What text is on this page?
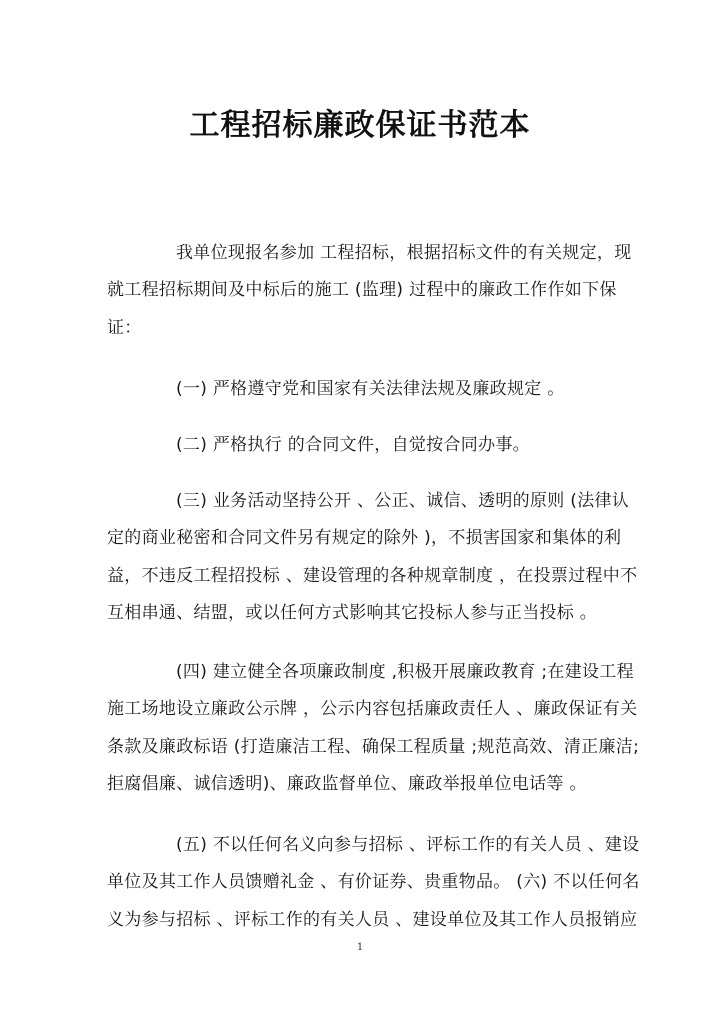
工程招标廉政保证书范本
我单位现报名参加 工程招标，根据招标文件的有关规定，现
就工程招标期间及中标后的施工 (监理) 过程中的廉政工作作如下保
证：
(一) 严格遵守党和国家有关法律法规及廉政规定 。
(二) 严格执行 的合同文件，自觉按合同办事。
(三) 业务活动坚持公开 、公正、诚信、透明的原则 (法律认
定的商业秘密和合同文件另有规定的除外 )，不损害国家和集体的利
益，不违反工程招投标 、建设管理的各种规章制度 ，在投票过程中不
互相串通、结盟，或以任何方式影响其它投标人参与正当投标 。
(四) 建立健全各项廉政制度 ,积极开展廉政教育 ;在建设工程
施工场地设立廉政公示牌 ，公示内容包括廉政责任人 、廉政保证有关
条款及廉政标语 (打造廉洁工程、确保工程质量 ;规范高效、清正廉洁;
拒腐倡廉、诚信透明)、廉政监督单位、廉政举报单位电话等 。
(五) 不以任何名义向参与招标 、评标工作的有关人员 、建设
单位及其工作人员馈赠礼金 、有价证券、贵重物品。 (六) 不以任何名
义为参与招标 、评标工作的有关人员 、建设单位及其工作人员报销应
1
